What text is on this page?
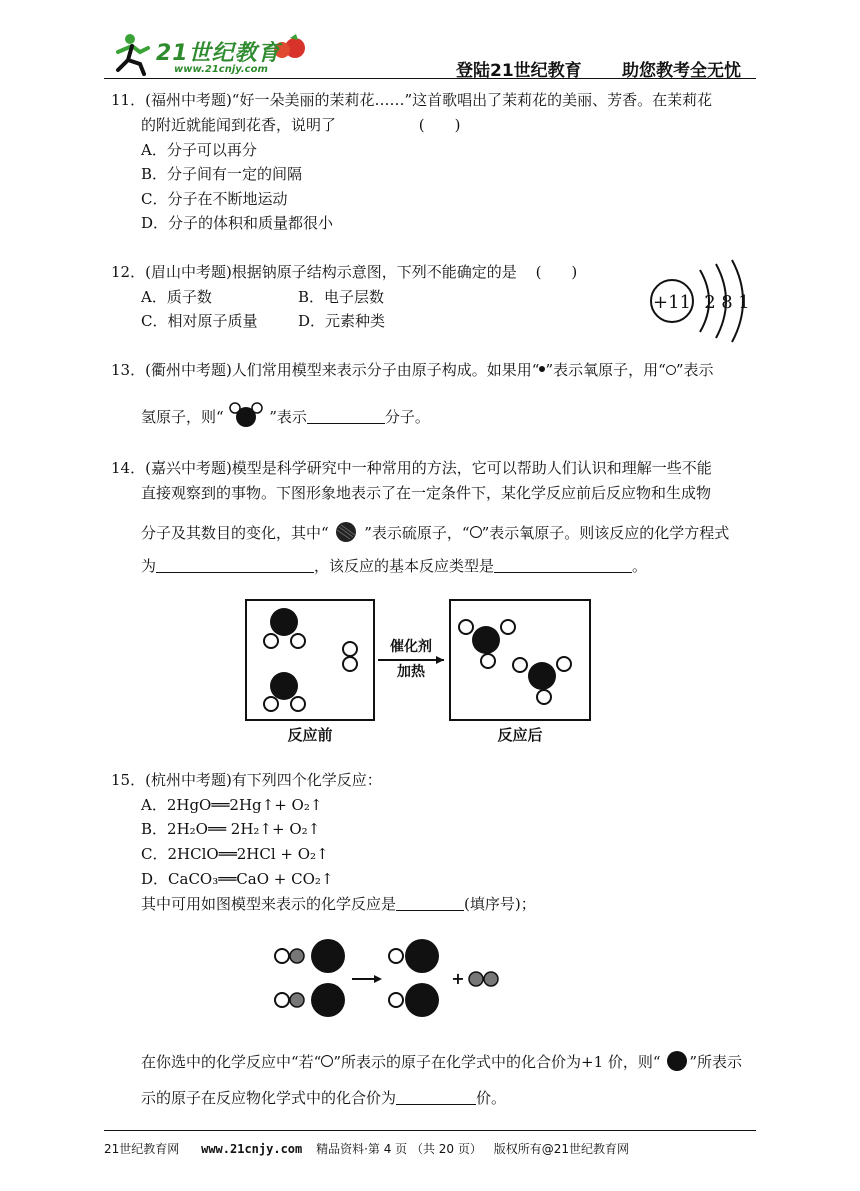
21世纪教育
www.21cnjy.com	登陆21世纪教育 助您教考全无忧
11．(福州中考题)“好一朵美丽的茉莉花……”这首歌唱出了茉莉花的美丽、芳香。在茉莉花
的附近就能闻到花香，说明了	(　　)
A．分子可以再分
B．分子间有一定的间隔
C．分子在不断地运动
D．分子的体积和质量都很小
12．(眉山中考题)根据钠原子结构示意图，下列不能确定的是 (　　)
A．质子数	B．电子层数
C．相对原子质量	D．元素种类
+11 2 8 1
13．(衢州中考题)人们常用模型来表示分子由原子构成。如果用“ ”表示氧原子，用“ ”表示
氢原子，则“	”表示	分子。
14．(嘉兴中考题)模型是科学研究中一种常用的方法，它可以帮助人们认识和理解一些不能
直接观察到的事物。下图形象地表示了在一定条件下，某化学反应前后反应物和生成物
分子及其数目的变化，其中“ ”表示硫原子，“ ”表示氧原子。则该反应的化学方程式
为	，该反应的基本反应类型是	。
催化剂
加热
反应前	反应后
15．(杭州中考题)有下列四个化学反应：
A．2HgO══2Hg↑+ O₂↑
B．2H₂O══ 2H₂↑+ O₂↑
C．2HClO══2HCl + O₂↑
D．CaCO₃══CaO + CO₂↑
其中可用如图模型来表示的化学反应是	(填序号)；
+
在你选中的化学反应中“若“ ”所表示的原子在化学式中的化合价为+1 价，则“ ”所表示
示的原子在反应物化学式中的化合价为	价。
21世纪教育网 www.21cnjy.com 精品资料·第 4 页 （共 20 页） 版权所有@21世纪教育网
